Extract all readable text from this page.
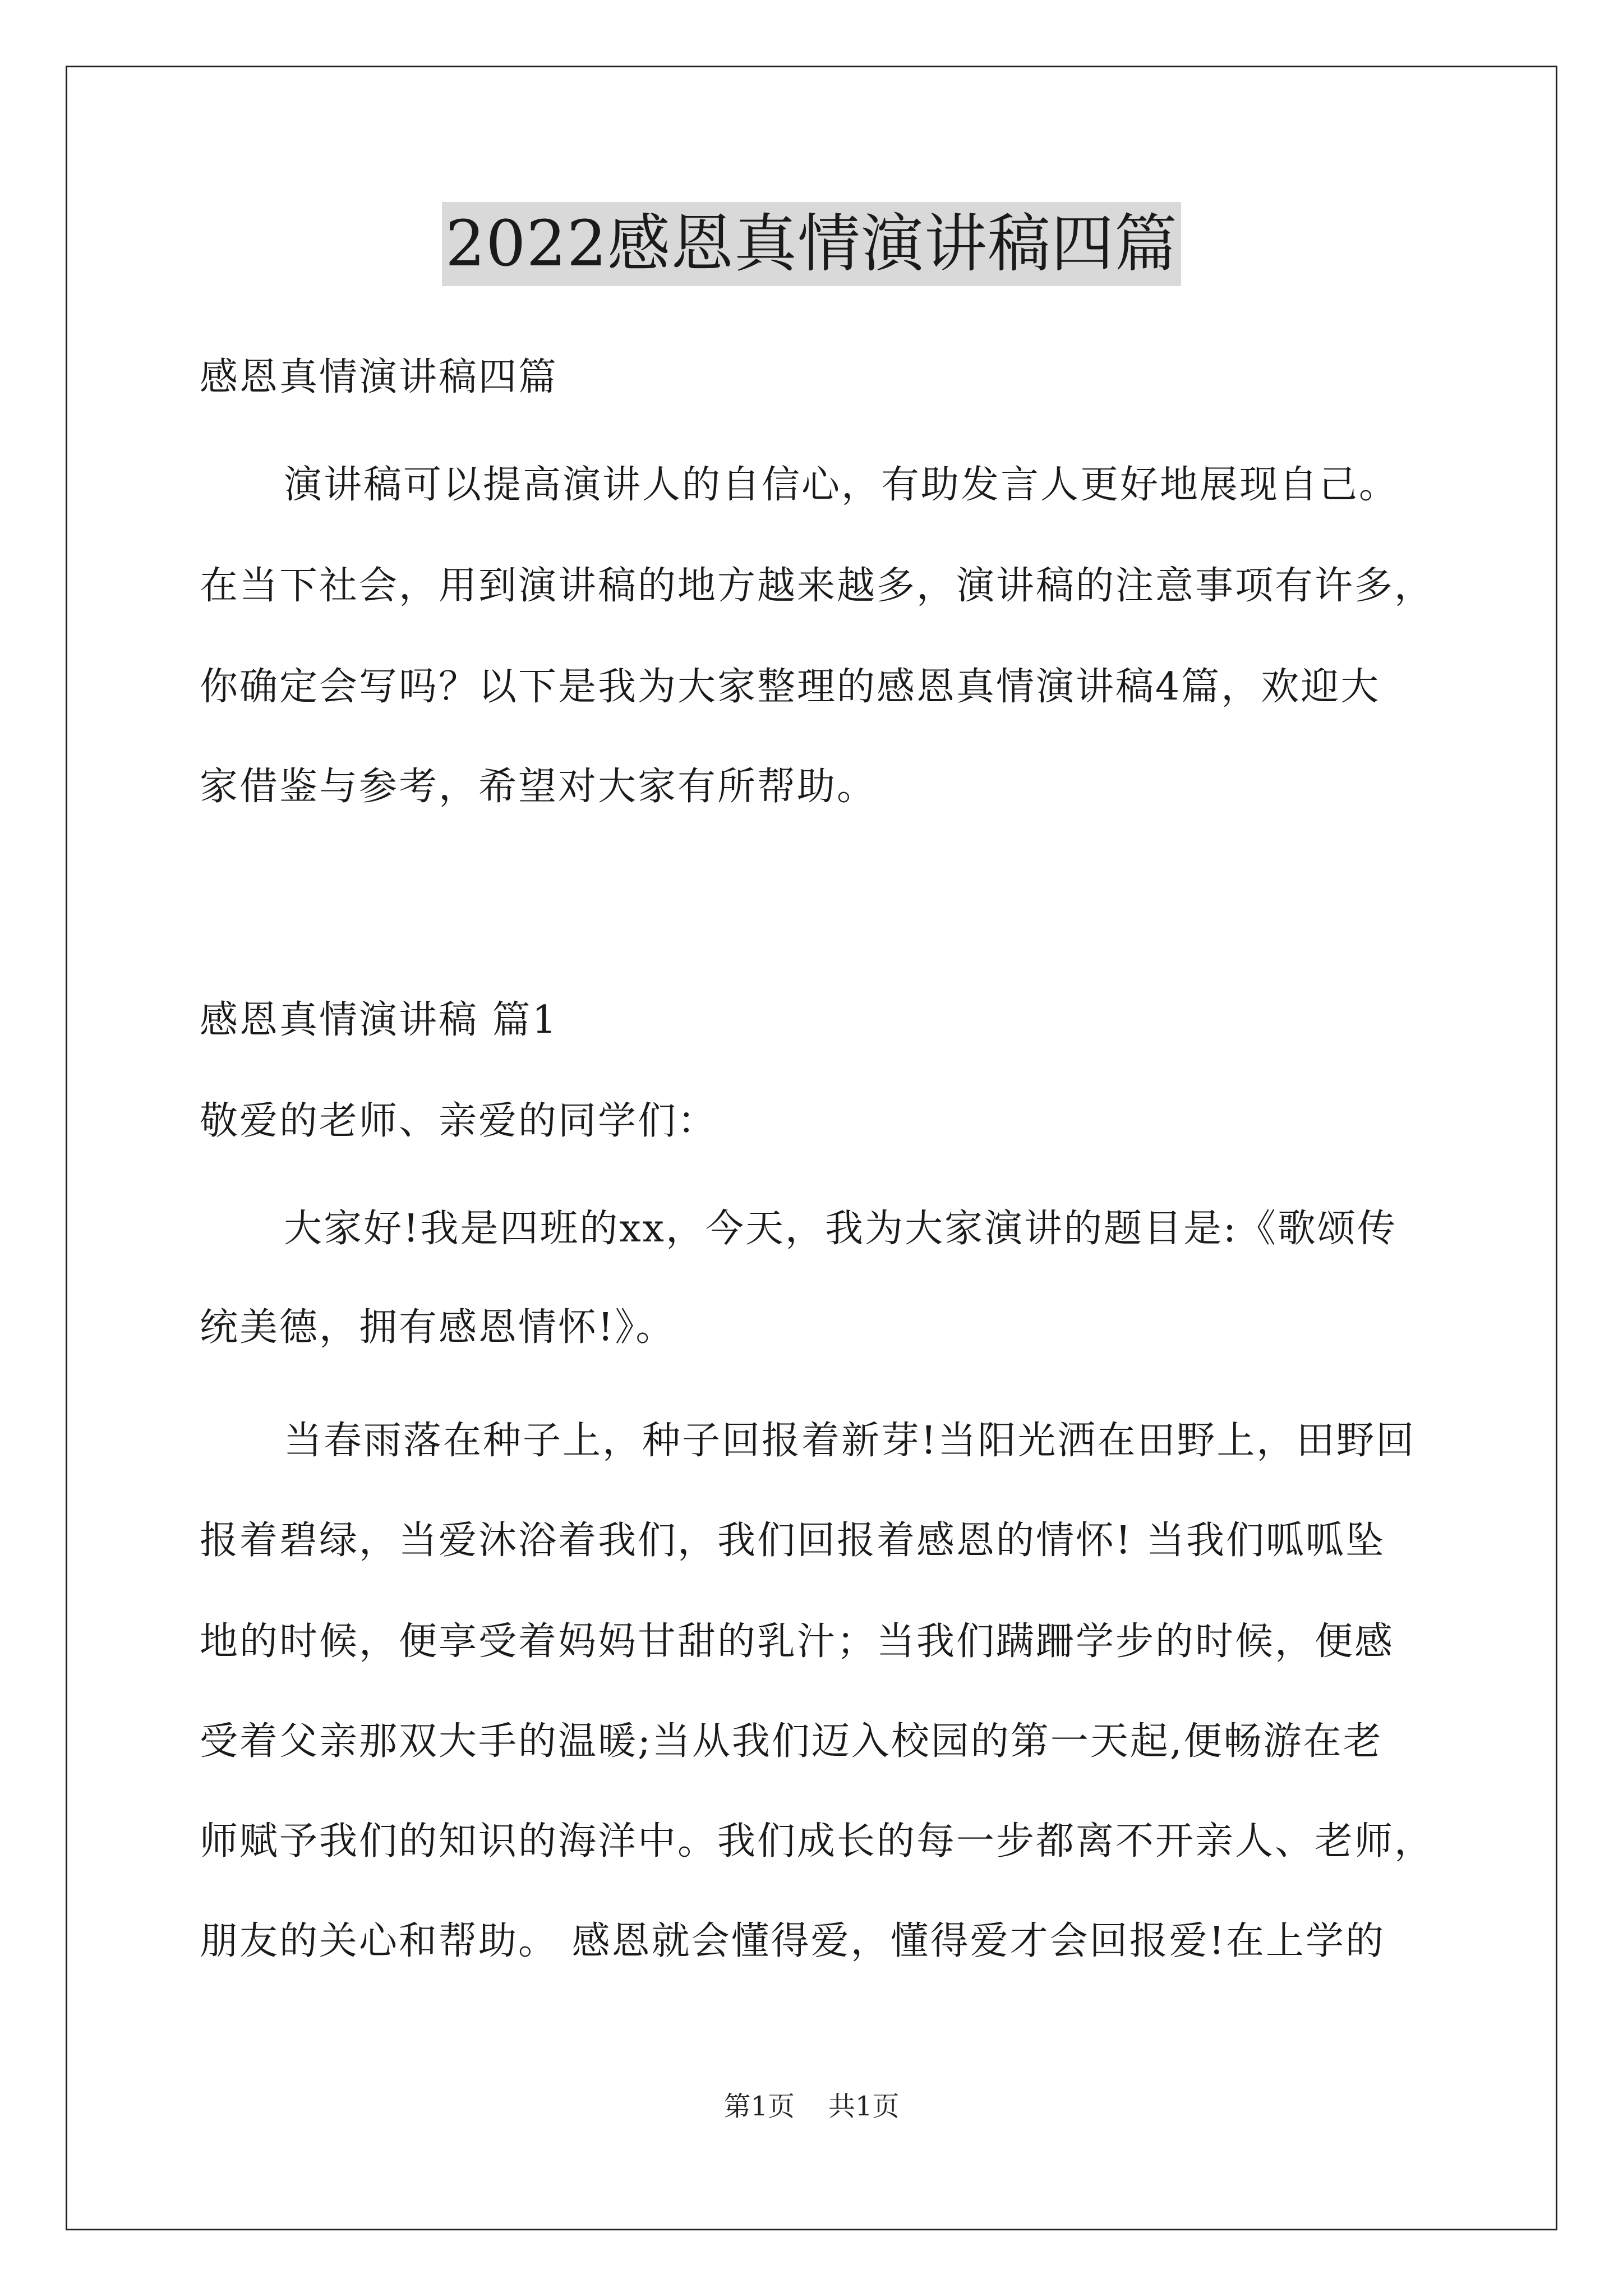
2022感恩真情演讲稿四篇
感恩真情演讲稿四篇
演讲稿可以提高演讲人的自信心，有助发言人更好地展现自己。
在当下社会，用到演讲稿的地方越来越多，演讲稿的注意事项有许多，
你确定会写吗？以下是我为大家整理的感恩真情演讲稿4篇，欢迎大
家借鉴与参考，希望对大家有所帮助。
感恩真情演讲稿 篇1
敬爱的老师、亲爱的同学们：
大家好!我是四班的xx，今天，我为大家演讲的题目是:《歌颂传
统美德，拥有感恩情怀!》。
当春雨落在种子上，种子回报着新芽!当阳光洒在田野上，田野回
报着碧绿，当爱沐浴着我们，我们回报着感恩的情怀! 当我们呱呱坠
地的时候，便享受着妈妈甘甜的乳汁；当我们蹒跚学步的时候，便感
受着父亲那双大手的温暖;当从我们迈入校园的第一天起,便畅游在老
师赋予我们的知识的海洋中。我们成长的每一步都离不开亲人、老师，
朋友的关心和帮助。 感恩就会懂得爱，懂得爱才会回报爱!在上学的
第1页 共1页
